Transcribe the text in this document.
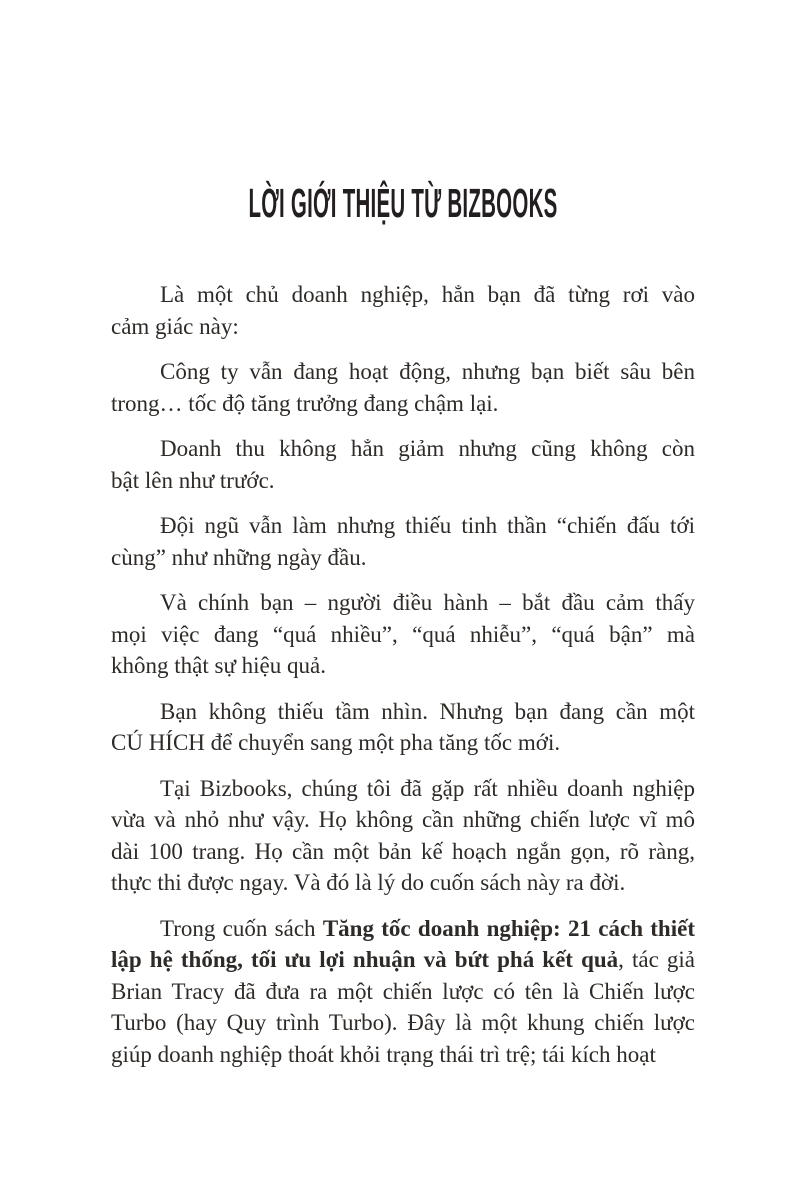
LỜI GIỚI THIỆU TỪ BIZBOOKS
Là một chủ doanh nghiệp, hẳn bạn đã từng rơi vào
cảm giác này:
Công ty vẫn đang hoạt động, nhưng bạn biết sâu bên
trong… tốc độ tăng trưởng đang chậm lại.
Doanh thu không hẳn giảm nhưng cũng không còn
bật lên như trước.
Đội ngũ vẫn làm nhưng thiếu tinh thần “chiến đấu tới
cùng” như những ngày đầu.
Và chính bạn – người điều hành – bắt đầu cảm thấy
mọi việc đang “quá nhiều”, “quá nhiễu”, “quá bận” mà
không thật sự hiệu quả.
Bạn không thiếu tầm nhìn. Nhưng bạn đang cần một
CÚ HÍCH để chuyển sang một pha tăng tốc mới.
Tại Bizbooks, chúng tôi đã gặp rất nhiều doanh nghiệp
vừa và nhỏ như vậy. Họ không cần những chiến lược vĩ mô
dài 100 trang. Họ cần một bản kế hoạch ngắn gọn, rõ ràng,
thực thi được ngay. Và đó là lý do cuốn sách này ra đời.
Trong cuốn sách Tăng tốc doanh nghiệp: 21 cách thiết
lập hệ thống, tối ưu lợi nhuận và bứt phá kết quả, tác giả
Brian Tracy đã đưa ra một chiến lược có tên là Chiến lược
Turbo (hay Quy trình Turbo). Đây là một khung chiến lược
giúp doanh nghiệp thoát khỏi trạng thái trì trệ; tái kích hoạt
